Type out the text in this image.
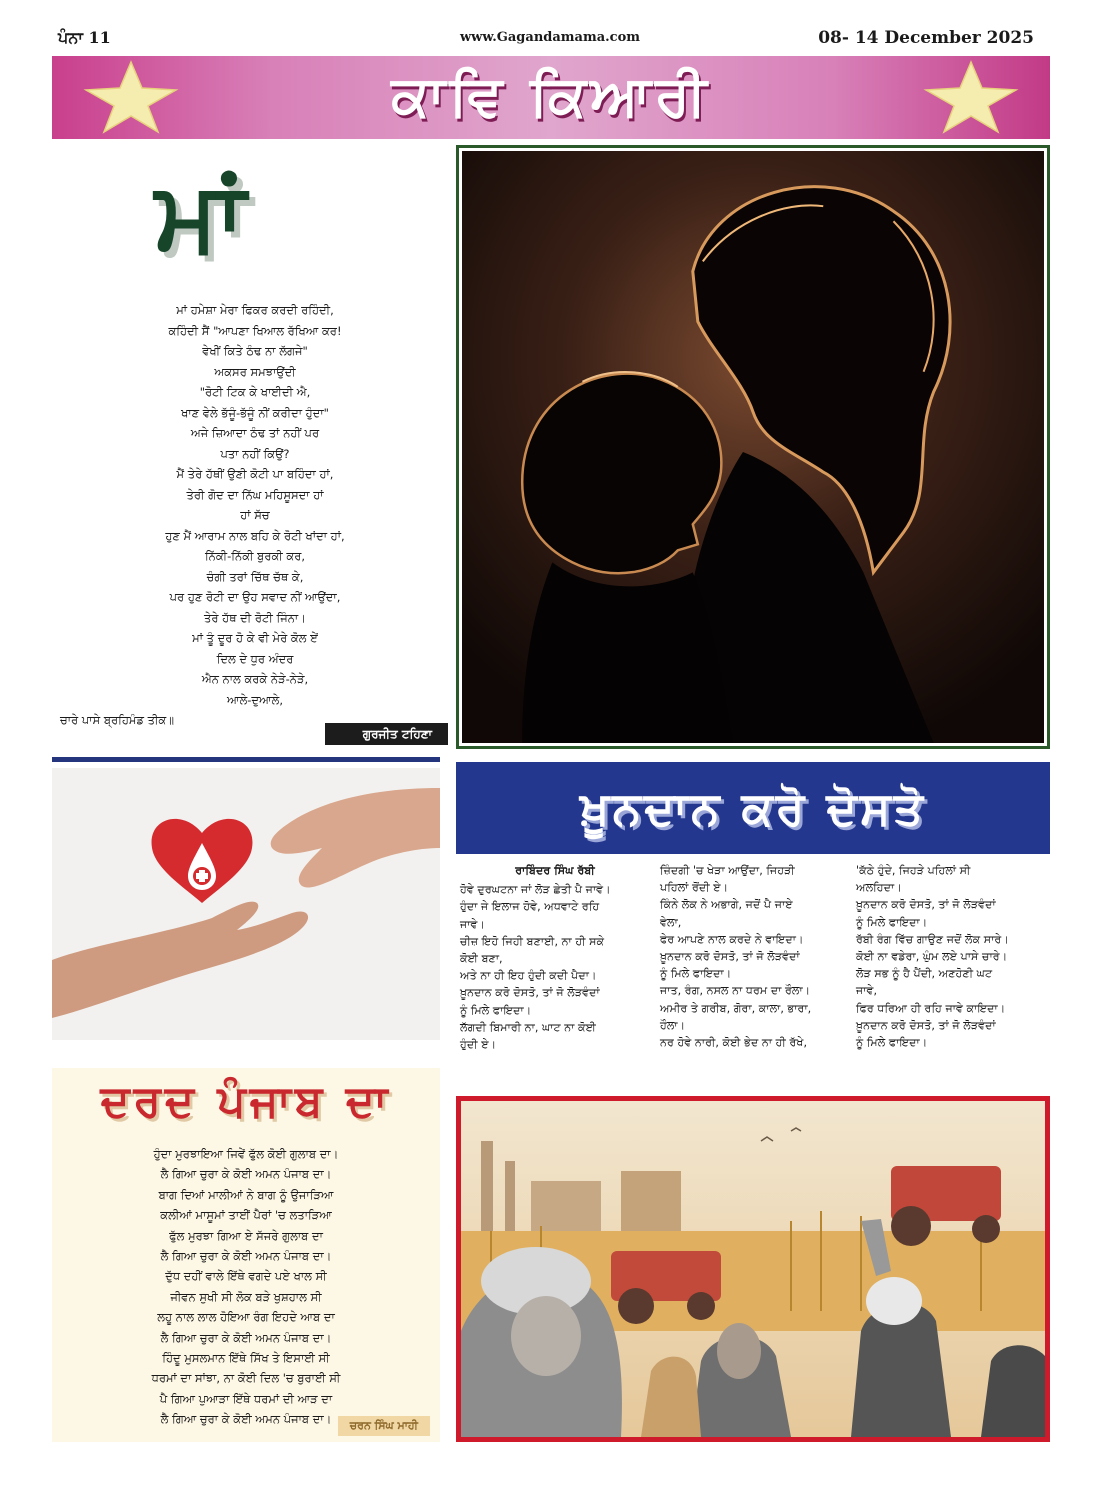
ਪੰਨਾ 11	www.Gagandamama.com	08- 14 December 2025
ਕਾਵਿ ਕਿਆਰੀ
ਮਾਂ
ਮਾਂ ਹਮੇਸ਼ਾ ਮੇਰਾ ਫਿਕਰ ਕਰਦੀ ਰਹਿੰਦੀ,
ਕਹਿੰਦੀ ਸੈਂ "ਆਪਣਾ ਖਿਆਲ ਰੱਖਿਆ ਕਰ!
ਵੇਖੀਂ ਕਿਤੇ ਠੰਢ ਨਾ ਲੱਗਜੇ"
ਅਕਸਰ ਸਮਝਾਉਂਦੀ
"ਰੋਟੀ ਟਿਕ ਕੇ ਖਾਈਦੀ ਐ,
ਖਾਣ ਵੇਲੇ ਭੱਜੂੰ-ਭੱਜੂੰ ਨੀਂ ਕਰੀਦਾ ਹੁੰਦਾ"
ਅਜੇ ਜ਼ਿਆਦਾ ਠੰਢ ਤਾਂ ਨਹੀਂ ਪਰ
ਪਤਾ ਨਹੀਂ ਕਿਉਂ?
ਮੈਂ ਤੇਰੇ ਹੱਥੀਂ ਉਣੀ ਕੋਟੀ ਪਾ ਬਹਿੰਦਾ ਹਾਂ,
ਤੇਰੀ ਗੋਦ ਦਾ ਨਿੱਘ ਮਹਿਸੂਸਦਾ ਹਾਂ
ਹਾਂ ਸੱਚ
ਹੁਣ ਮੈਂ ਆਰਾਮ ਨਾਲ ਬਹਿ ਕੇ ਰੋਟੀ ਖਾਂਦਾ ਹਾਂ,
ਨਿੱਕੀ-ਨਿੱਕੀ ਬੁਰਕੀ ਕਰ,
ਚੰਗੀ ਤਰਾਂ ਚਿੱਥ ਚੱਥ ਕੇ,
ਪਰ ਹੁਣ ਰੋਟੀ ਦਾ ਉਹ ਸਵਾਦ ਨੀਂ ਆਉਂਦਾ,
ਤੇਰੇ ਹੱਥ ਦੀ ਰੋਟੀ ਜਿੰਨਾ।
ਮਾਂ ਤੂੰ ਦੂਰ ਹੋ ਕੇ ਵੀ ਮੇਰੇ ਕੋਲ ਏਂ
ਦਿਲ ਦੇ ਧੁਰ ਅੰਦਰ
ਐਨ ਨਾਲ ਕਰਕੇ ਨੇੜੇ-ਨੇੜੇ,
ਆਲੇ-ਦੁਆਲੇ,
ਚਾਰੇ ਪਾਸੇ ਬ੍ਰਹਿਮੰਡ ਤੀਕ॥
ਗੁਰਜੀਤ ਟਹਿਣਾ
ਖ਼ੂਨਦਾਨ ਕਰੋ ਦੋਸਤੋ
ਰਾਬਿੰਦਰ ਸਿੰਘ ਰੱਬੀ
ਹੋਵੇ ਦੁਰਘਟਨਾ ਜਾਂ ਲੋੜ ਛੇਤੀ ਪੈ ਜਾਵੇ।
ਹੁੰਦਾ ਜੇ ਇਲਾਜ ਹੋਵੇ, ਅਧਵਾਟੇ ਰਹਿ
ਜਾਵੇ।
ਚੀਜ਼ ਇਹੋ ਜਿਹੀ ਬਣਾਈ, ਨਾ ਹੀ ਸਕੇ
ਕੋਈ ਬਣਾ,
ਅਤੇ ਨਾ ਹੀ ਇਹ ਹੁੰਦੀ ਕਦੀ ਪੈਦਾ।
ਖ਼ੂਨਦਾਨ ਕਰੋ ਦੋਸਤੋ, ਤਾਂ ਜੋ ਲੋੜਵੰਦਾਂ
ਨੂੰ ਮਿਲੇ ਫਾਇਦਾ।
ਲੱਗਦੀ ਬਿਮਾਰੀ ਨਾ, ਘਾਟ ਨਾ ਕੋਈ
ਹੁੰਦੀ ਏ।
ਜ਼ਿੰਦਗੀ 'ਚ ਖੇੜਾ ਆਉਂਦਾ, ਜਿਹੜੀ
ਪਹਿਲਾਂ ਰੋਂਦੀ ਏ।
ਕਿੰਨੇ ਲੋਕ ਨੇ ਅਭਾਗੇ, ਜਦੋਂ ਪੈ ਜਾਏ
ਵੇਲਾ,
ਫੇਰ ਆਪਣੇ ਨਾਲ ਕਰਦੇ ਨੇ ਵਾਇਦਾ।
ਖ਼ੂਨਦਾਨ ਕਰੋ ਦੋਸਤੋ, ਤਾਂ ਜੋ ਲੋੜਵੰਦਾਂ
ਨੂੰ ਮਿਲੇ ਫਾਇਦਾ।
ਜਾਤ, ਰੰਗ, ਨਸਲ ਨਾ ਧਰਮ ਦਾ ਰੌਲਾ।
ਅਮੀਰ ਤੇ ਗਰੀਬ, ਗੋਰਾ, ਕਾਲਾ, ਭਾਰਾ,
ਹੌਲਾ।
ਨਰ ਹੋਵੇ ਨਾਰੀ, ਕੋਈ ਭੇਦ ਨਾ ਹੀ ਰੱਖੇ,
'ਕੱਠੇ ਹੁੰਦੇ, ਜਿਹੜੇ ਪਹਿਲਾਂ ਸੀ
ਅਲਹਿਦਾ।
ਖ਼ੂਨਦਾਨ ਕਰੋ ਦੋਸਤੋ, ਤਾਂ ਜੋ ਲੋੜਵੰਦਾਂ
ਨੂੰ ਮਿਲੇ ਫਾਇਦਾ।
ਰੱਬੀ ਰੰਗ ਵਿੱਚ ਗਾਉਣ ਜਦੋਂ ਲੋਕ ਸਾਰੇ।
ਕੋਈ ਨਾ ਵਡੇਰਾ, ਘੁੰਮ ਲਏ ਪਾਸੇ ਚਾਰੇ।
ਲੋੜ ਸਭ ਨੂੰ ਹੈ ਪੈਂਦੀ, ਅਣਹੋਣੀ ਘਟ
ਜਾਵੇ,
ਫਿਰ ਧਰਿਆ ਹੀ ਰਹਿ ਜਾਵੇ ਕਾਇਦਾ।
ਖ਼ੂਨਦਾਨ ਕਰੋ ਦੋਸਤੋ, ਤਾਂ ਜੋ ਲੋੜਵੰਦਾਂ
ਨੂੰ ਮਿਲੇ ਫਾਇਦਾ।
ਦਰਦ ਪੰਜਾਬ ਦਾ
ਹੁੰਦਾ ਮੁਰਝਾਇਆ ਜਿਵੇਂ ਫੁੱਲ ਕੋਈ ਗੁਲਾਬ ਦਾ।
ਲੈ ਗਿਆ ਚੁਰਾ ਕੇ ਕੋਈ ਅਮਨ ਪੰਜਾਬ ਦਾ।
ਬਾਗ ਦਿਆਂ ਮਾਲੀਆਂ ਨੇ ਬਾਗ ਨੂੰ ਉਜਾੜਿਆ
ਕਲੀਆਂ ਮਾਸੂਮਾਂ ਤਾਈਂ ਪੈਰਾਂ 'ਚ ਲਤਾੜਿਆ
ਫੁੱਲ ਮੁਰਝਾ ਗਿਆ ਏ ਸੱਜਰੇ ਗੁਲਾਬ ਦਾ
ਲੈ ਗਿਆ ਚੁਰਾ ਕੇ ਕੋਈ ਅਮਨ ਪੰਜਾਬ ਦਾ।
ਦੁੱਧ ਦਹੀਂ ਵਾਲੇ ਇੱਥੇ ਵਗਦੇ ਪਏ ਖਾਲ ਸੀ
ਜੀਵਨ ਸੁਖੀ ਸੀ ਲੋਕ ਬੜੇ ਖੁਸ਼ਹਾਲ ਸੀ
ਲਹੂ ਨਾਲ ਲਾਲ ਹੋਇਆ ਰੰਗ ਇਹਦੇ ਆਬ ਦਾ
ਲੈ ਗਿਆ ਚੁਰਾ ਕੇ ਕੋਈ ਅਮਨ ਪੰਜਾਬ ਦਾ।
ਹਿੰਦੂ ਮੁਸਲਮਾਨ ਇੱਥੇ ਸਿੱਖ ਤੇ ਇਸਾਈ ਸੀ
ਧਰਮਾਂ ਦਾ ਸਾਂਝਾ, ਨਾ ਕੋਈ ਦਿਲ 'ਚ ਬੁਰਾਈ ਸੀ
ਪੈ ਗਿਆ ਪੁਆੜਾ ਇੱਥੇ ਧਰਮਾਂ ਦੀ ਆੜ ਦਾ
ਲੈ ਗਿਆ ਚੁਰਾ ਕੇ ਕੋਈ ਅਮਨ ਪੰਜਾਬ ਦਾ।	ਚਰਨ ਸਿੰਘ ਮਾਹੀ
